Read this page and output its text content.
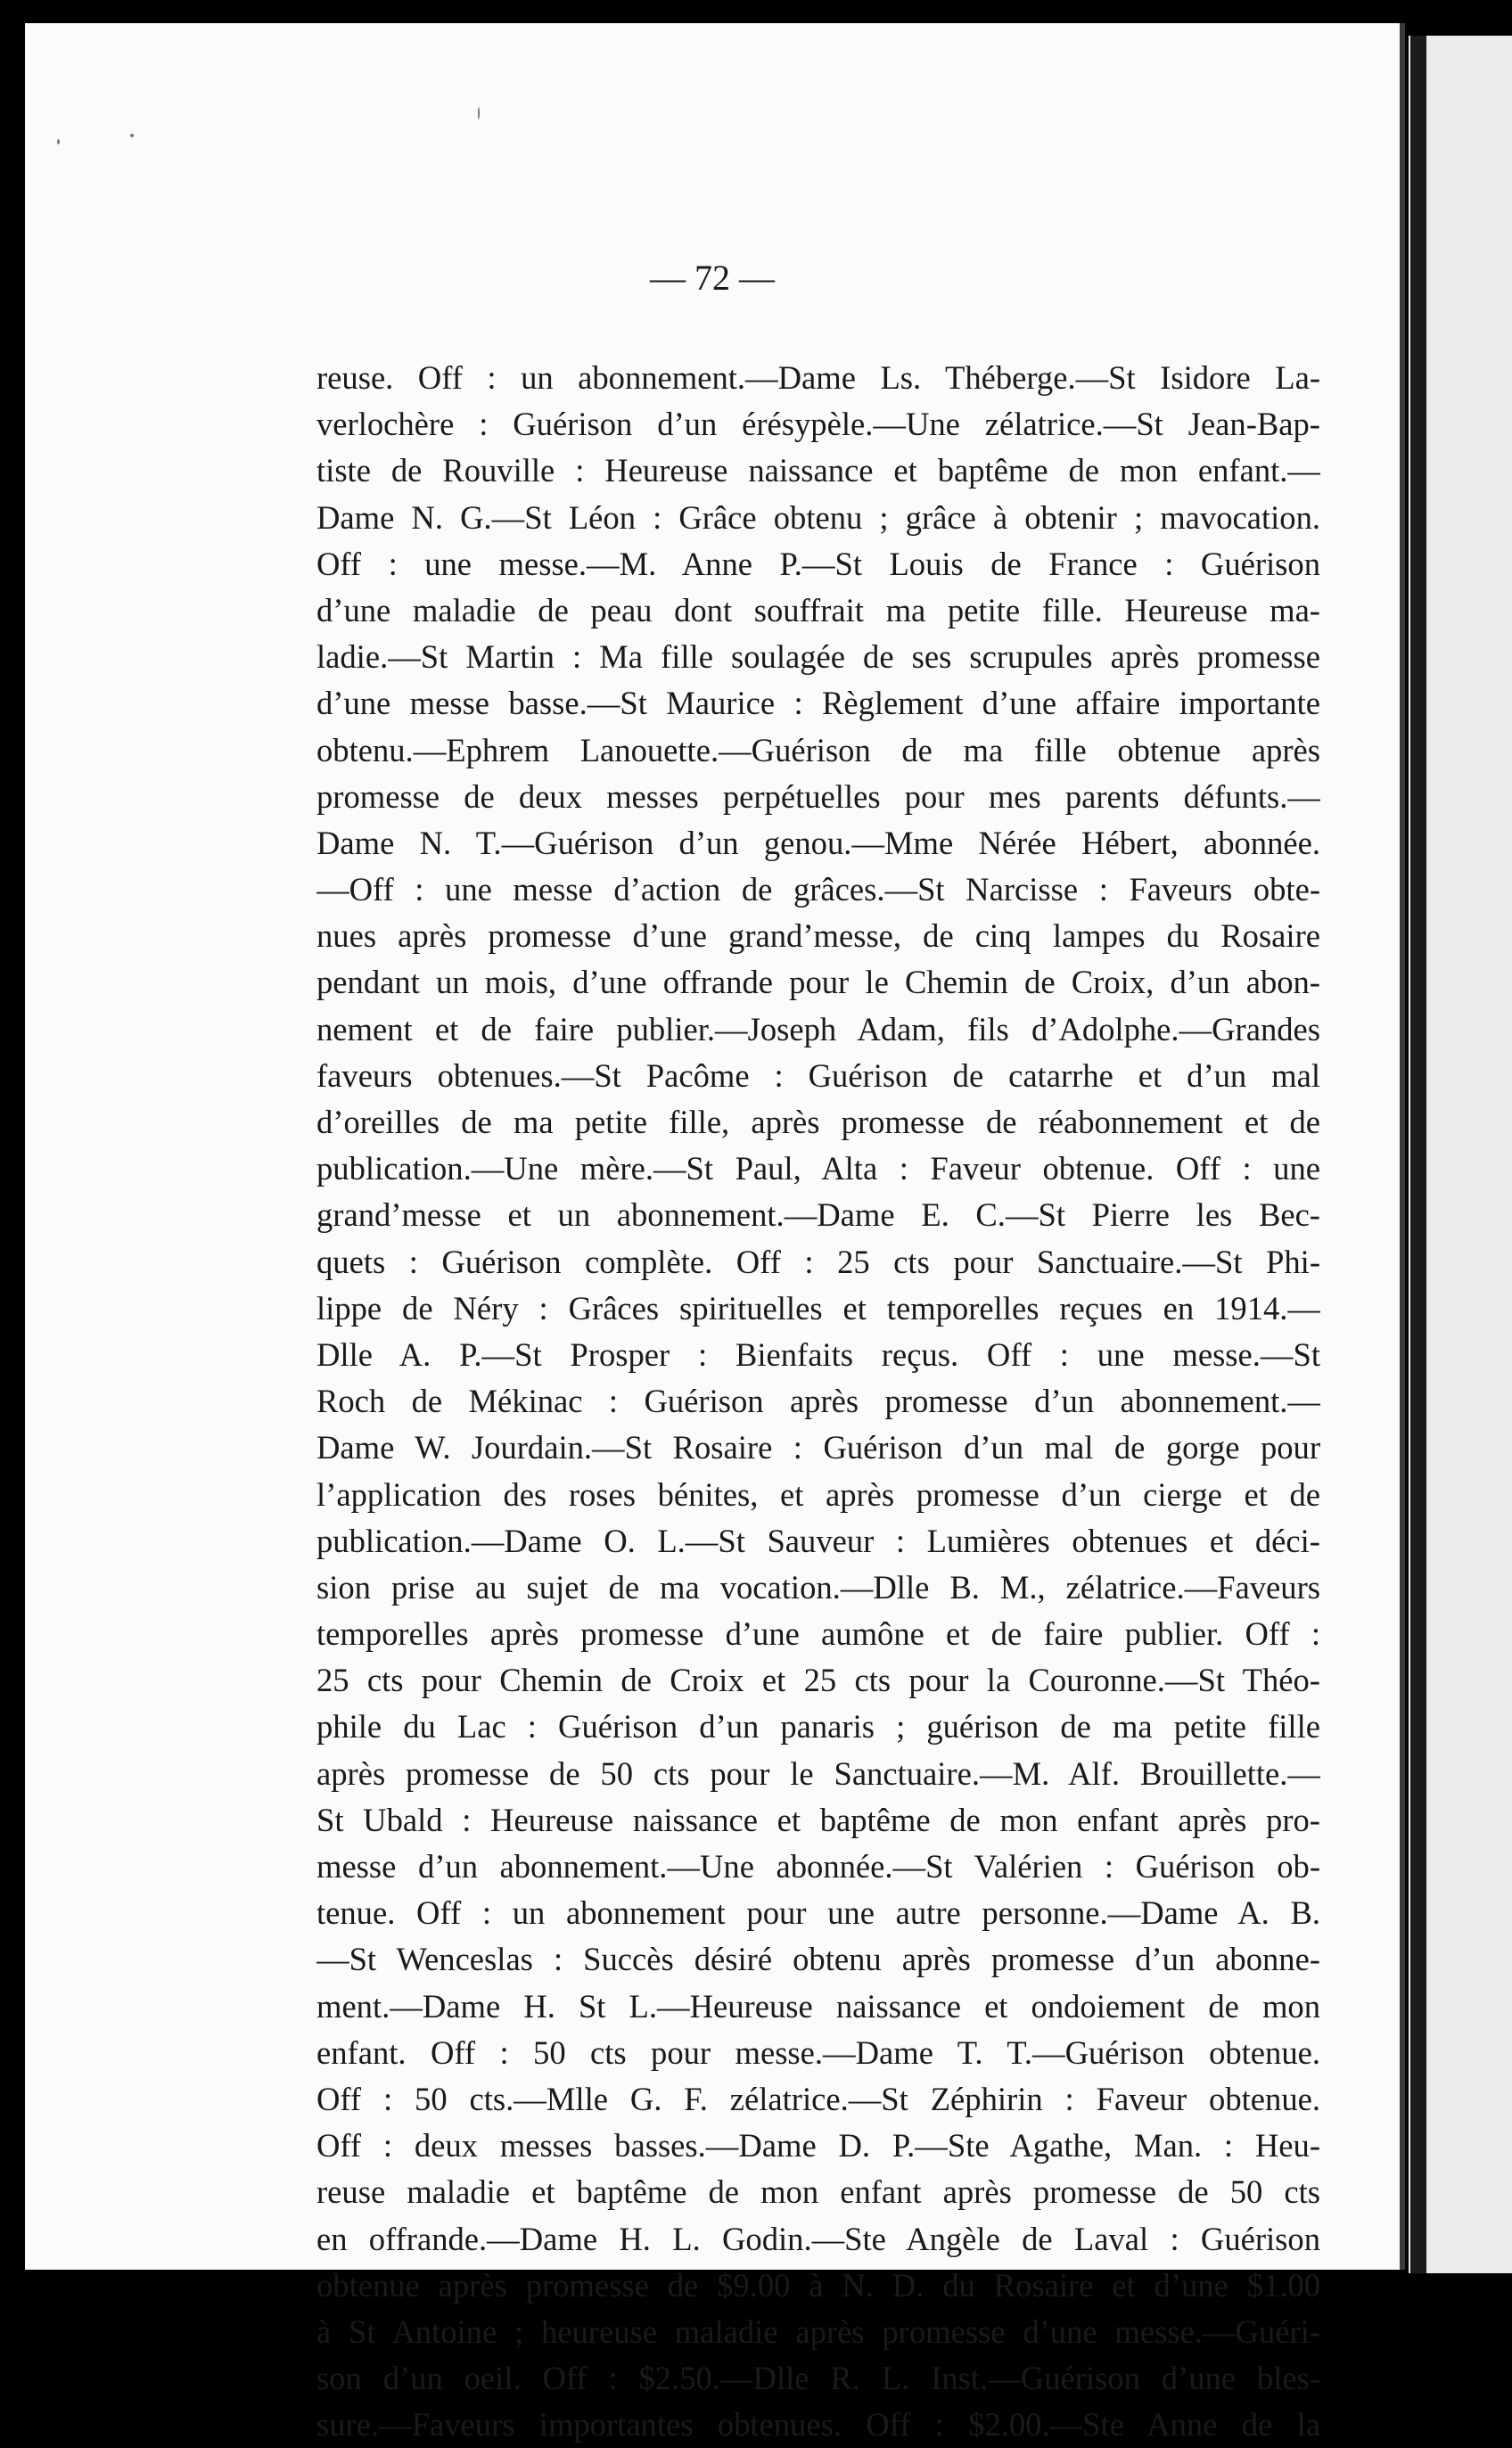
— 72 —
reuse. Off : un abonnement.—Dame Ls. Théberge.—St Isidore La-
verlochère : Guérison d’un érésypèle.—Une zélatrice.—St Jean-Bap-
tiste de Rouville : Heureuse naissance et baptême de mon enfant.—
Dame N. G.—St Léon : Grâce obtenu ; grâce à obtenir ; mavocation.
Off : une messe.—M. Anne P.—St Louis de France : Guérison
d’une maladie de peau dont souffrait ma petite fille. Heureuse ma-
ladie.—St Martin : Ma fille soulagée de ses scrupules après promesse
d’une messe basse.—St Maurice : Règlement d’une affaire importante
obtenu.—Ephrem Lanouette.—Guérison de ma fille obtenue après
promesse de deux messes perpétuelles pour mes parents défunts.—
Dame N. T.—Guérison d’un genou.—Mme Nérée Hébert, abonnée.
—Off : une messe d’action de grâces.—St Narcisse : Faveurs obte-
nues après promesse d’une grand’messe, de cinq lampes du Rosaire
pendant un mois, d’une offrande pour le Chemin de Croix, d’un abon-
nement et de faire publier.—Joseph Adam, fils d’Adolphe.—Grandes
faveurs obtenues.—St Pacôme : Guérison de catarrhe et d’un mal
d’oreilles de ma petite fille, après promesse de réabonnement et de
publication.—Une mère.—St Paul, Alta : Faveur obtenue. Off : une
grand’messe et un abonnement.—Dame E. C.—St Pierre les Bec-
quets : Guérison complète. Off : 25 cts pour Sanctuaire.—St Phi-
lippe de Néry : Grâces spirituelles et temporelles reçues en 1914.—
Dlle A. P.—St Prosper : Bienfaits reçus. Off : une messe.—St
Roch de Mékinac : Guérison après promesse d’un abonnement.—
Dame W. Jourdain.—St Rosaire : Guérison d’un mal de gorge pour
l’application des roses bénites, et après promesse d’un cierge et de
publication.—Dame O. L.—St Sauveur : Lumières obtenues et déci-
sion prise au sujet de ma vocation.—Dlle B. M., zélatrice.—Faveurs
temporelles après promesse d’une aumône et de faire publier. Off :
25 cts pour Chemin de Croix et 25 cts pour la Couronne.—St Théo-
phile du Lac : Guérison d’un panaris ; guérison de ma petite fille
après promesse de 50 cts pour le Sanctuaire.—M. Alf. Brouillette.—
St Ubald : Heureuse naissance et baptême de mon enfant après pro-
messe d’un abonnement.—Une abonnée.—St Valérien : Guérison ob-
tenue. Off : un abonnement pour une autre personne.—Dame A. B.
—St Wenceslas : Succès désiré obtenu après promesse d’un abonne-
ment.—Dame H. St L.—Heureuse naissance et ondoiement de mon
enfant. Off : 50 cts pour messe.—Dame T. T.—Guérison obtenue.
Off : 50 cts.—Mlle G. F. zélatrice.—St Zéphirin : Faveur obtenue.
Off : deux messes basses.—Dame D. P.—Ste Agathe, Man. : Heu-
reuse maladie et baptême de mon enfant après promesse de 50 cts
en offrande.—Dame H. L. Godin.—Ste Angèle de Laval : Guérison
obtenue après promesse de $9.00 à N. D. du Rosaire et d’une $1.00
à St Antoine ; heureuse maladie après promesse d’une messe.—Guéri-
son d’un oeil. Off : $2.50.—Dlle R. L. Inst.—Guérison d’une bles-
sure.—Faveurs importantes obtenues. Off : $2.00.—Ste Anne de la
